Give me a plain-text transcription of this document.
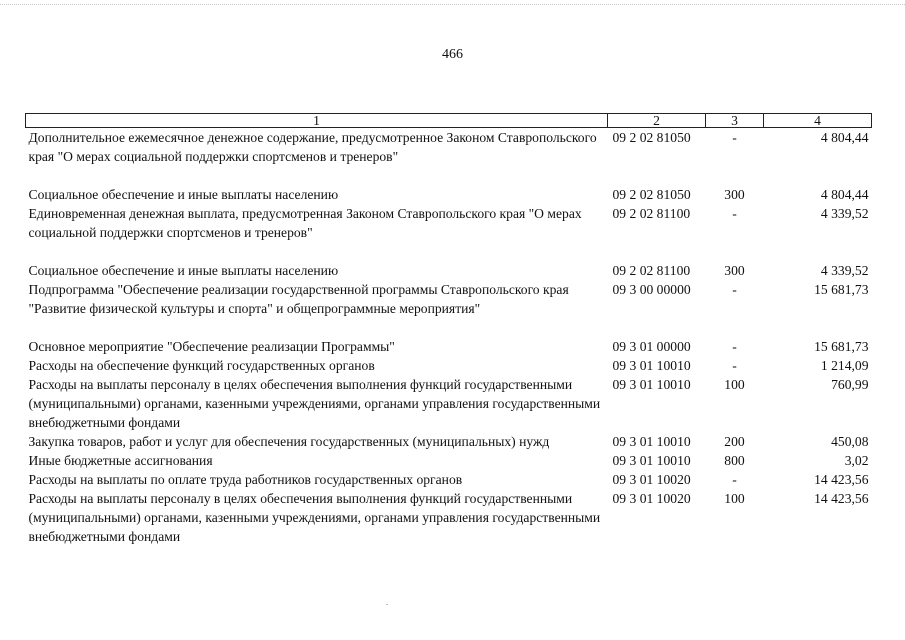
466
1	2	3	4
Дополнительное ежемесячное денежное содержание, предусмотренное Законом Ставропольского края "О мерах социальной поддержки спортсменов и тренеров"	09 2 02 81050	-	4 804,44
Социальное обеспечение и иные выплаты населению	09 2 02 81050	300	4 804,44
Единовременная денежная выплата, предусмотренная Законом Ставропольского края "О мерах социальной поддержки спортсменов и тренеров"	09 2 02 81100	-	4 339,52
Социальное обеспечение и иные выплаты населению	09 2 02 81100	300	4 339,52
Подпрограмма "Обеспечение реализации государственной программы Ставропольского края "Развитие физической культуры и спорта" и общепрограммные мероприятия"	09 3 00 00000	-	15 681,73
Основное мероприятие "Обеспечение реализации Программы"	09 3 01 00000	-	15 681,73
Расходы на обеспечение функций государственных органов	09 3 01 10010	-	1 214,09
Расходы на выплаты персоналу в целях обеспечения выполнения функций государственными (муниципальными) органами, казенными учреждениями, органами управления государственными внебюджетными фондами	09 3 01 10010	100	760,99
Закупка товаров, работ и услуг для обеспечения государственных (муниципальных) нужд	09 3 01 10010	200	450,08
Иные бюджетные ассигнования	09 3 01 10010	800	3,02
Расходы на выплаты по оплате труда работников государственных органов	09 3 01 10020	-	14 423,56
Расходы на выплаты персоналу в целях обеспечения выполнения функций государственными (муниципальными) органами, казенными учреждениями, органами управления государственными внебюджетными фондами	09 3 01 10020	100	14 423,56
